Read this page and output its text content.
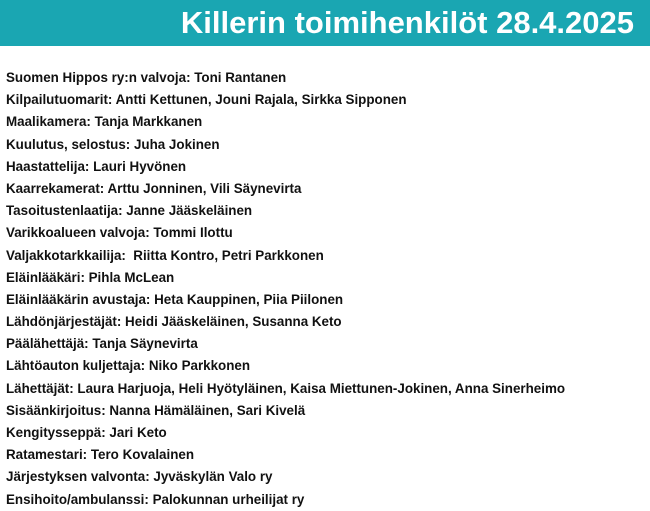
Killerin toimihenkilöt 28.4.2025
Suomen Hippos ry:n valvoja: Toni Rantanen
Kilpailutuomarit: Antti Kettunen, Jouni Rajala, Sirkka Sipponen
Maalikamera: Tanja Markkanen
Kuulutus, selostus: Juha Jokinen
Haastattelija: Lauri Hyvönen
Kaarrekamerat: Arttu Jonninen, Vili Säynevirta
Tasoitustenlaatija: Janne Jääskeläinen
Varikkoalueen valvoja: Tommi Ilottu
Valjakkotarkkailija:  Riitta Kontro, Petri Parkkonen
Eläinlääkäri: Pihla McLean
Eläinlääkärin avustaja: Heta Kauppinen, Piia Piilonen
Lähdönjärjestäjät: Heidi Jääskeläinen, Susanna Keto
Päälähettäjä: Tanja Säynevirta
Lähtöauton kuljettaja: Niko Parkkonen
Lähettäjät: Laura Harjuoja, Heli Hyötyläinen, Kaisa Miettunen-Jokinen, Anna Sinerheimo
Sisäänkirjoitus: Nanna Hämäläinen, Sari Kivelä
Kengitysseppä: Jari Keto
Ratamestari: Tero Kovalainen
Järjestyksen valvonta: Jyväskylän Valo ry
Ensihoito/ambulanssi: Palokunnan urheilijat ry
